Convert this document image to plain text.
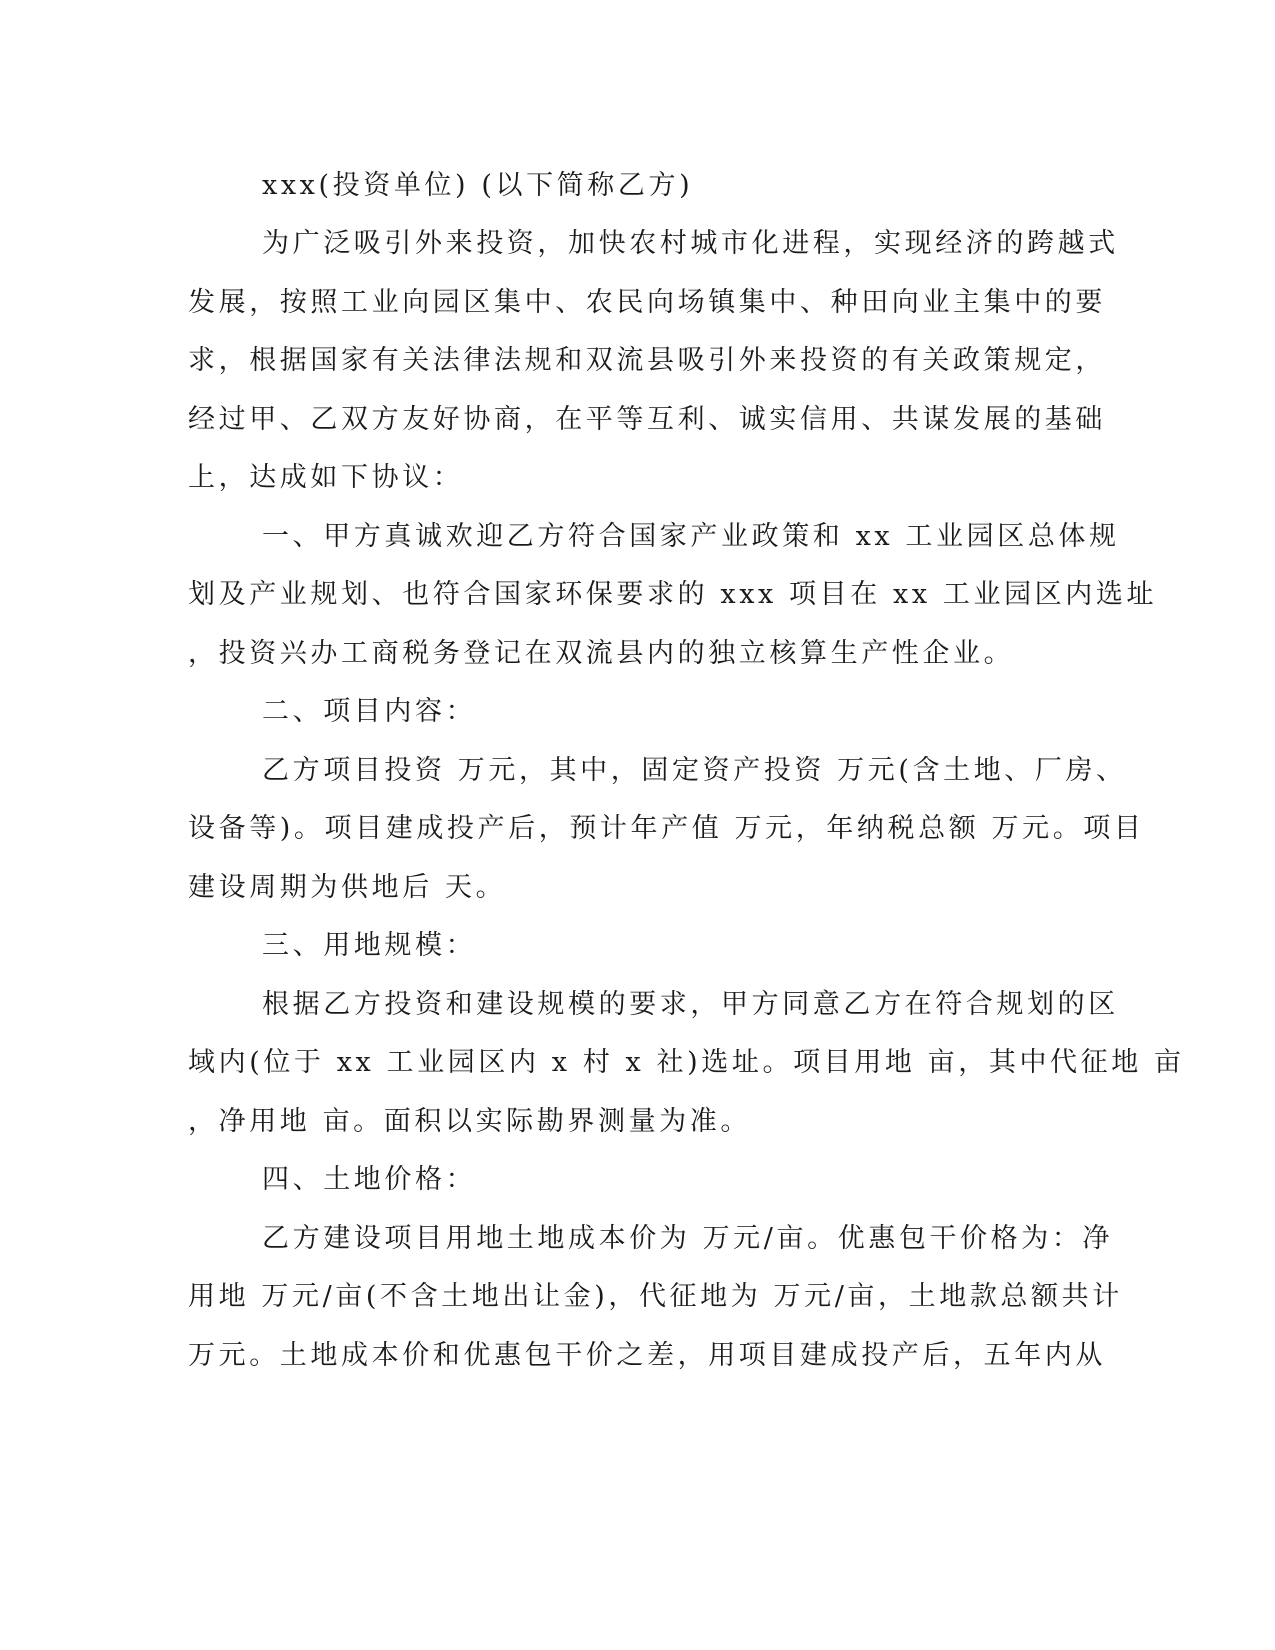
xxx(投资单位) (以下简称乙方)
为广泛吸引外来投资，加快农村城市化进程，实现经济的跨越式
发展，按照工业向园区集中、农民向场镇集中、种田向业主集中的要
求，根据国家有关法律法规和双流县吸引外来投资的有关政策规定，
经过甲、乙双方友好协商，在平等互利、诚实信用、共谋发展的基础
上，达成如下协议：
一、甲方真诚欢迎乙方符合国家产业政策和 xx 工业园区总体规
划及产业规划、也符合国家环保要求的 xxx 项目在 xx 工业园区内选址
，投资兴办工商税务登记在双流县内的独立核算生产性企业。
二、项目内容：
乙方项目投资 万元，其中，固定资产投资 万元(含土地、厂房、
设备等)。项目建成投产后，预计年产值 万元，年纳税总额 万元。项目
建设周期为供地后 天。
三、用地规模：
根据乙方投资和建设规模的要求，甲方同意乙方在符合规划的区
域内(位于 xx 工业园区内 x 村 x 社)选址。项目用地 亩，其中代征地 亩
，净用地 亩。面积以实际勘界测量为准。
四、土地价格：
乙方建设项目用地土地成本价为 万元/亩。优惠包干价格为：净
用地 万元/亩(不含土地出让金)，代征地为 万元/亩，土地款总额共计
万元。土地成本价和优惠包干价之差，用项目建成投产后，五年内从
